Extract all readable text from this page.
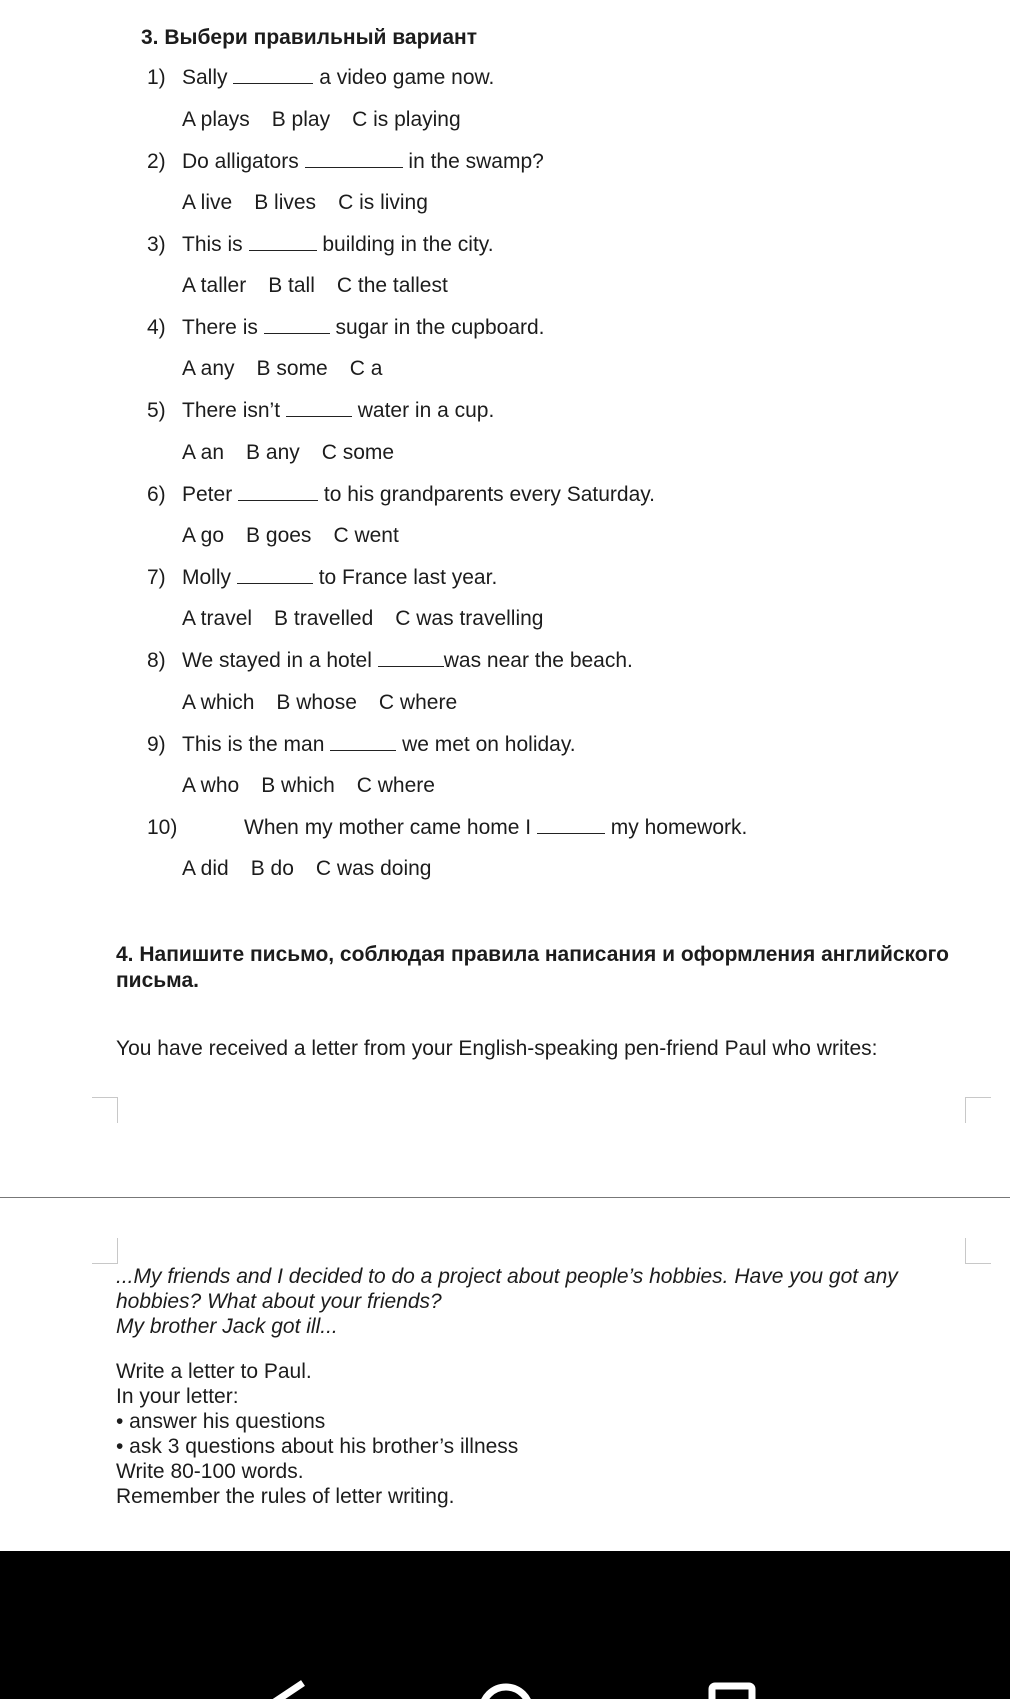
3. Выбери правильный вариант
1) Sally	a video game now.
A plays B play C is playing
2) Do alligators	in the swamp?
A live B lives C is living
3) This is	building in the city.
A taller B tall C the tallest
4) There is	sugar in the cupboard.
A any B some C a
5) There isn’t	water in a cup.
A an B any C some
6) Peter	to his grandparents every Saturday.
A go B goes C went
7) Molly	to France last year.
A travel B travelled C was travelling
8) We stayed in a hotel	was near the beach.
A which B whose C where
9) This is the man	we met on holiday.
A who B which C where
10)	When my mother came home I	my homework.
A did B do C was doing
4. Напишите письмо, соблюдая правила написания и оформления английского письма.
You have received a letter from your English-speaking pen-friend Paul who writes:
...My friends and I decided to do a project about people’s hobbies. Have you got any
hobbies? What about your friends?
My brother Jack got ill...
Write a letter to Paul.
In your letter:
• answer his questions
• ask 3 questions about his brother’s illness
Write 80-100 words.
Remember the rules of letter writing.
